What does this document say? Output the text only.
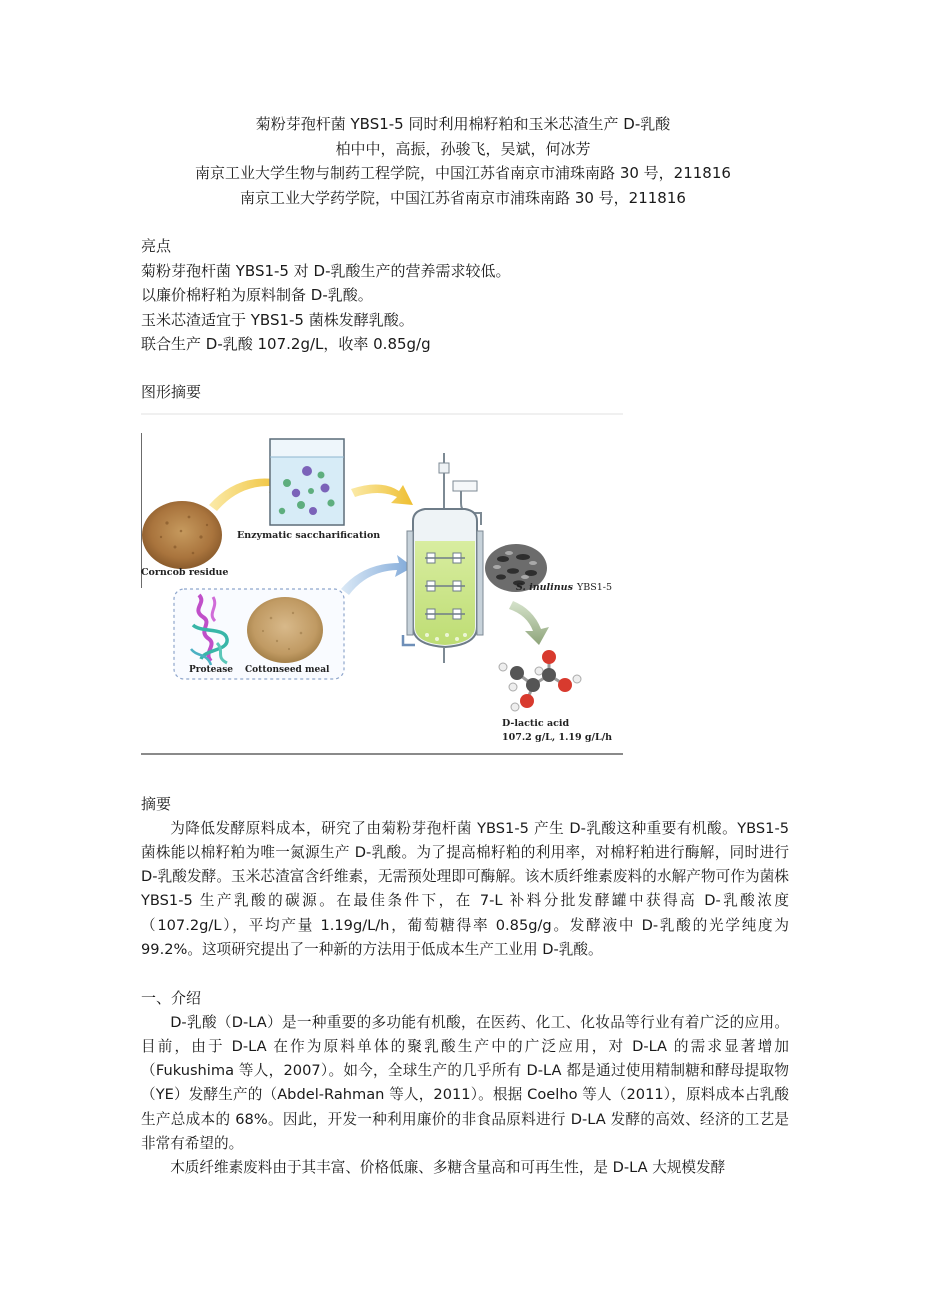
菊粉芽孢杆菌 YBS1-5 同时利用棉籽粕和玉米芯渣生产 D-乳酸

柏中中，高振，孙骏飞，吴斌，何冰芳

南京工业大学生物与制药工程学院，中国江苏省南京市浦珠南路 30 号，211816

南京工业大学药学院，中国江苏省南京市浦珠南路 30 号，211816

亮点

菊粉芽孢杆菌 YBS1-5 对 D-乳酸生产的营养需求较低。

以廉价棉籽粕为原料制备 D-乳酸。

玉米芯渣适宜于 YBS1-5 菌株发酵乳酸。

联合生产 D-乳酸 107.2g/L，收率 0.85g/g

图形摘要

Corncob residue
Enzymatic saccharification
Protease Cottonseed meal
S. inulinus YBS1-5
D-lactic acid
107.2 g/L, 1.19 g/L/h

摘要

为降低发酵原料成本，研究了由菊粉芽孢杆菌 YBS1-5 产生 D-乳酸这种重要有机酸。YBS1-5 菌株能以棉籽粕为唯一氮源生产 D-乳酸。为了提高棉籽粕的利用率，对棉籽粕进行酶解，同时进行 D-乳酸发酵。玉米芯渣富含纤维素，无需预处理即可酶解。该木质纤维素废料的水解产物可作为菌株 YBS1-5 生产乳酸的碳源。在最佳条件下，在 7-L 补料分批发酵罐中获得高 D-乳酸浓度（107.2g/L），平均产量 1.19g/L/h，葡萄糖得率 0.85g/g。发酵液中 D-乳酸的光学纯度为 99.2%。这项研究提出了一种新的方法用于低成本生产工业用 D-乳酸。

一、介绍

D-乳酸（D-LA）是一种重要的多功能有机酸，在医药、化工、化妆品等行业有着广泛的应用。目前，由于 D-LA 在作为原料单体的聚乳酸生产中的广泛应用，对 D-LA 的需求显著增加（Fukushima 等人，2007）。如今，全球生产的几乎所有 D-LA 都是通过使用精制糖和酵母提取物（YE）发酵生产的（Abdel-Rahman 等人，2011）。根据 Coelho 等人（2011），原料成本占乳酸生产总成本的 68%。因此，开发一种利用廉价的非食品原料进行 D-LA 发酵的高效、经济的工艺是非常有希望的。

木质纤维素废料由于其丰富、价格低廉、多糖含量高和可再生性，是 D-LA 大规模发酵
